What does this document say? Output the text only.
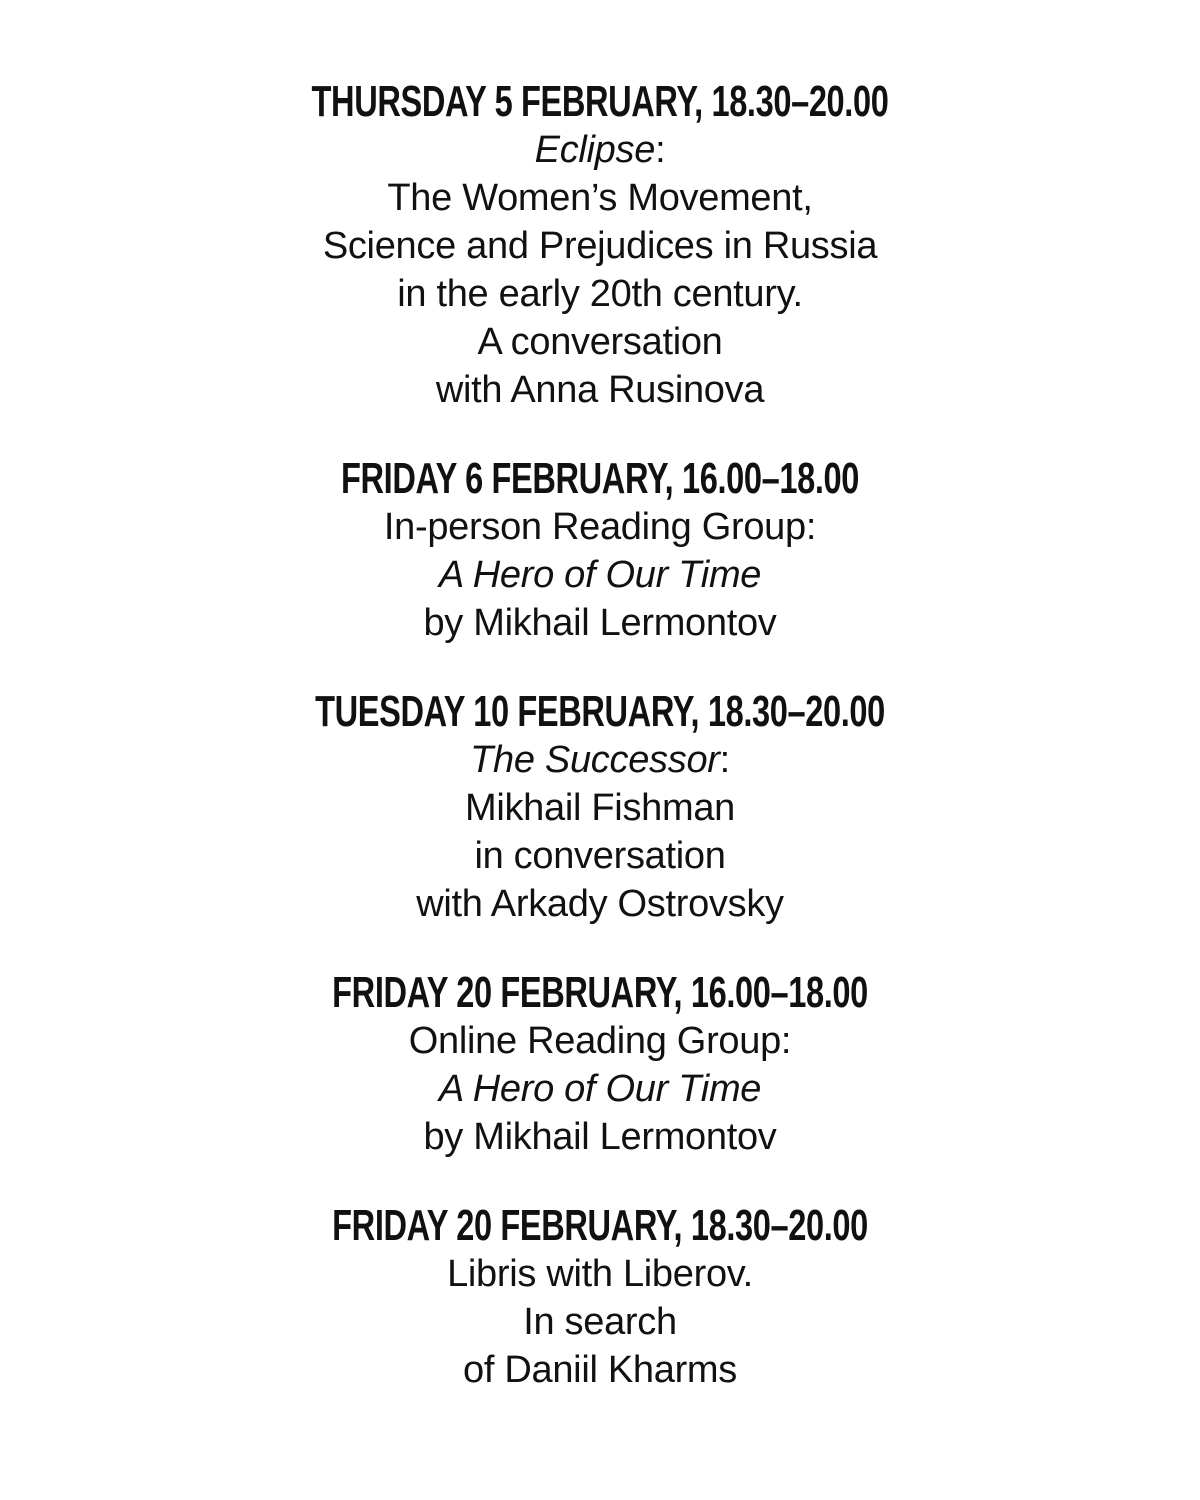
THURSDAY 5 FEBRUARY, 18.30–20.00

Eclipse:

The Women’s Movement,

Science and Prejudices in Russia

in the early 20th century.

A conversation

with Anna Rusinova

FRIDAY 6 FEBRUARY, 16.00–18.00

In-person Reading Group:

A Hero of Our Time

by Mikhail Lermontov

TUESDAY 10 FEBRUARY, 18.30–20.00

The Successor:

Mikhail Fishman

in conversation

with Arkady Ostrovsky

FRIDAY 20 FEBRUARY, 16.00–18.00

Online Reading Group:

A Hero of Our Time

by Mikhail Lermontov

FRIDAY 20 FEBRUARY, 18.30–20.00

Libris with Liberov.

In search

of Daniil Kharms
